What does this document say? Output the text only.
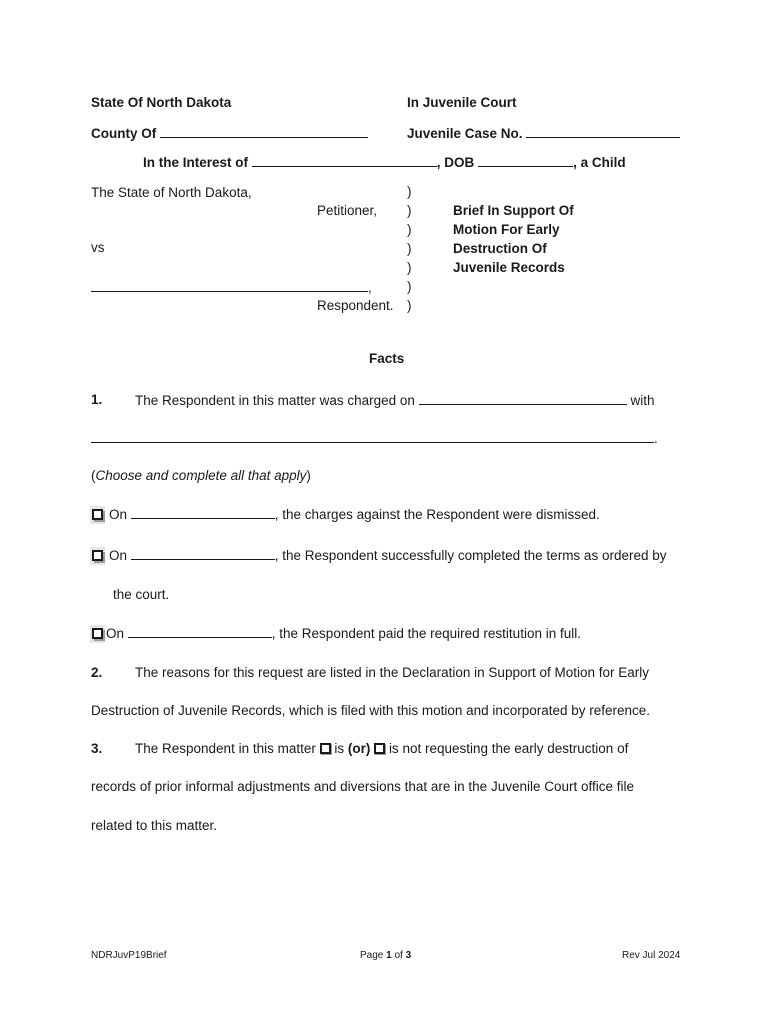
State Of North Dakota	In Juvenile Court
County Of	Juvenile Case No.
In the Interest of	, DOB	, a Child
The State of North Dakota,
Petitioner,
vs
,
Respondent.
)
)
)
)
)
)
)
Brief In Support Of
Motion For Early
Destruction Of
Juvenile Records
Facts
1. The Respondent in this matter was charged on	with
.
(Choose and complete all that apply)
On	, the charges against the Respondent were dismissed.
On	, the Respondent successfully completed the terms as ordered by
the court.
On	, the Respondent paid the required restitution in full.
2. The reasons for this request are listed in the Declaration in Support of Motion for Early
Destruction of Juvenile Records, which is filed with this motion and incorporated by reference.
3. The Respondent in this matter is (or) is not requesting the early destruction of
records of prior informal adjustments and diversions that are in the Juvenile Court office file
related to this matter.
NDRJuvP19Brief	Page 1 of 3	Rev Jul 2024
